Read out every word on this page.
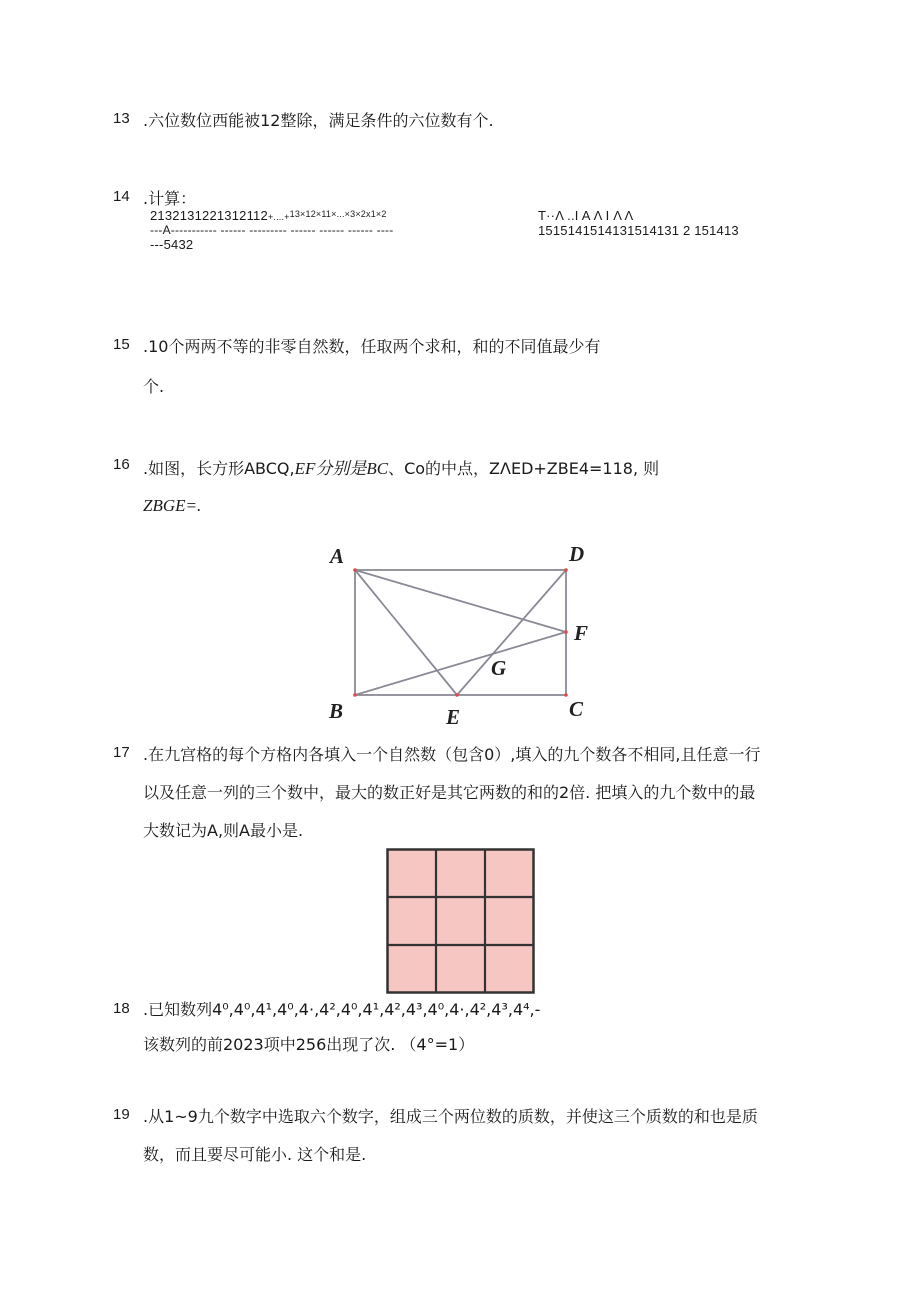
13 .六位数位西能被12整除，满足条件的六位数有个.
14 .计算：
2132131221312112+....+$^{13\times 12\times 11\times...\times 3\times 2x1\times 2}$
---A----------- ------ --------- ------ ------ ------ ----
---5432
T··Λ ..I A Λ I Λ Λ
1515141514131514131 2 151413
15 .10个两两不等的非零自然数，任取两个求和，和的不同值最少有
个.
16 .如图，长方形ABCQ,EF分别是BC、Co的中点，ZΛED+ZBE4=118, 则
ZBGE=.
A	D
F
G
B	E	C
17 .在九宫格的每个方格内各填入一个自然数（包含0）,填入的九个数各不相同,且任意一行
以及任意一列的三个数中，最大的数正好是其它两数的和的2倍. 把填入的九个数中的最
大数记为A,则A最小是.
18 .已知数列4⁰,4⁰,4¹,4⁰,4·,4²,4⁰,4¹,4²,4³,4⁰,4·,4²,4³,4⁴,-
该数列的前2023项中256出现了次. （4°=1）
19 .从1~9九个数字中选取六个数字，组成三个两位数的质数，并使这三个质数的和也是质
数，而且要尽可能小. 这个和是.
